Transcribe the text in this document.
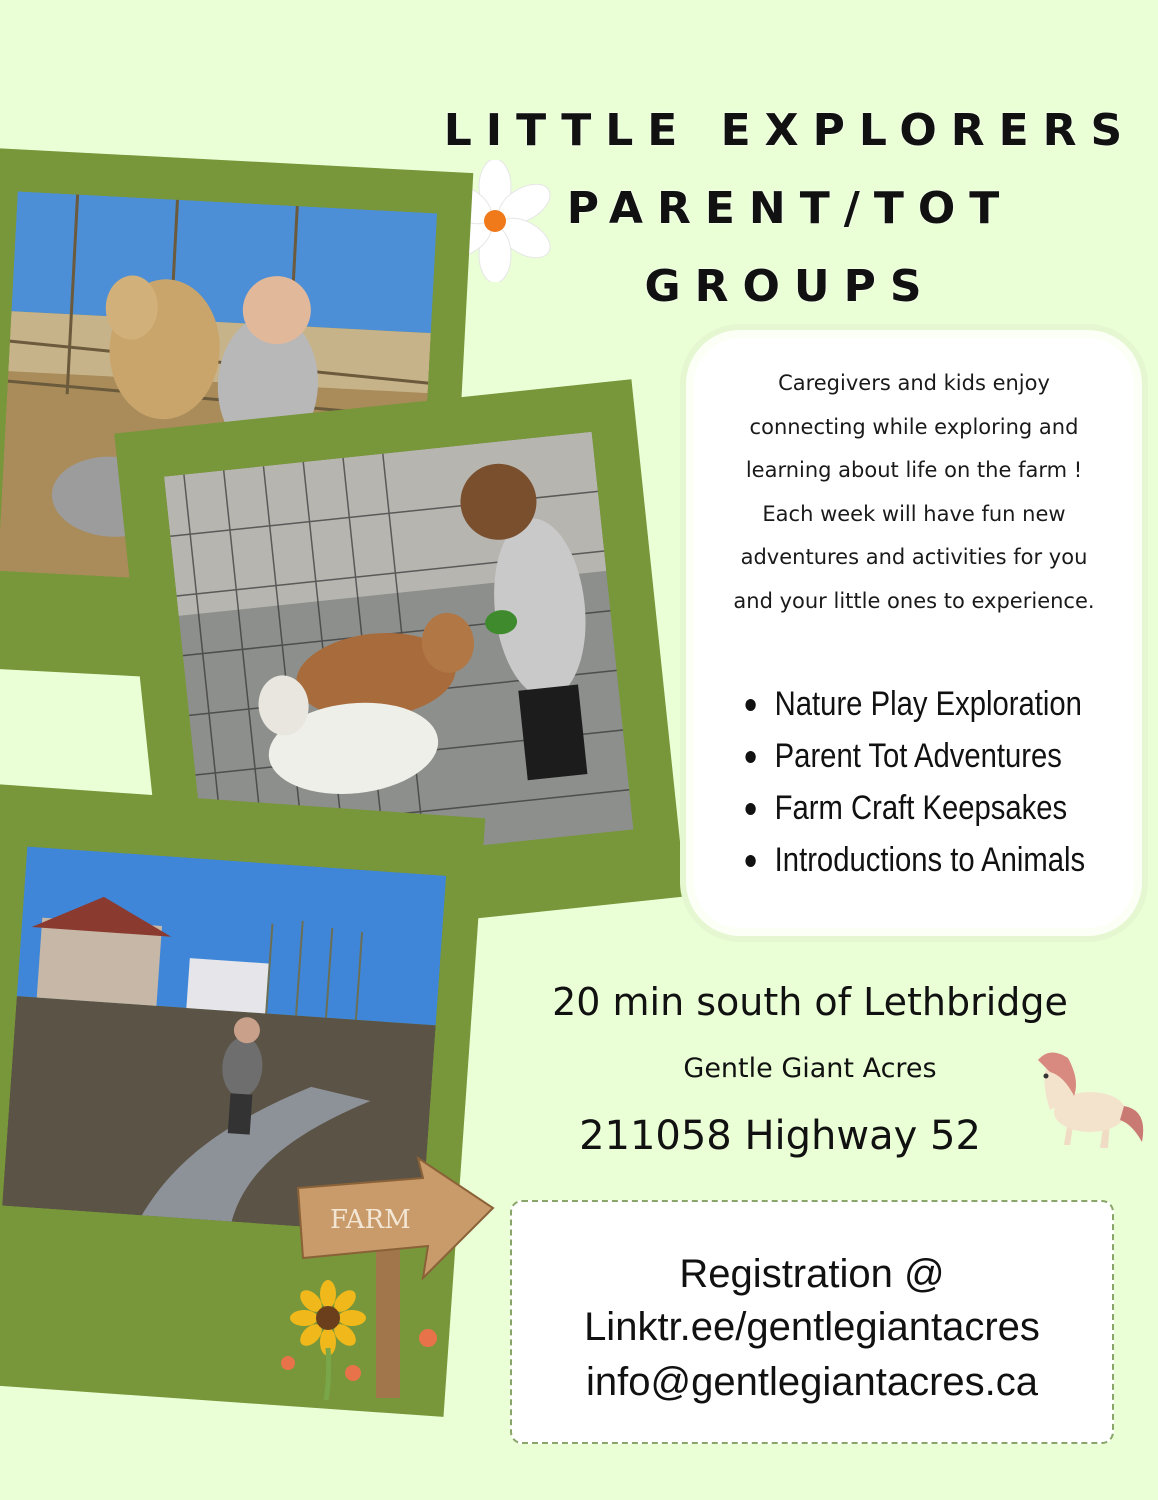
LITTLE EXPLORERS
PARENT/TOT
GROUPS
Caregivers and kids enjoy
connecting while exploring and
learning about life on the farm !
Each week will have fun new
adventures and activities for you
and your little ones to experience.
Nature Play Exploration
Parent Tot Adventures
Farm Craft Keepsakes
Introductions to Animals
20 min south of Lethbridge
Gentle Giant Acres
211058 Highway 52
FARM
Registration @
Linktr.ee/gentlegiantacres
info@gentlegiantacres.ca
